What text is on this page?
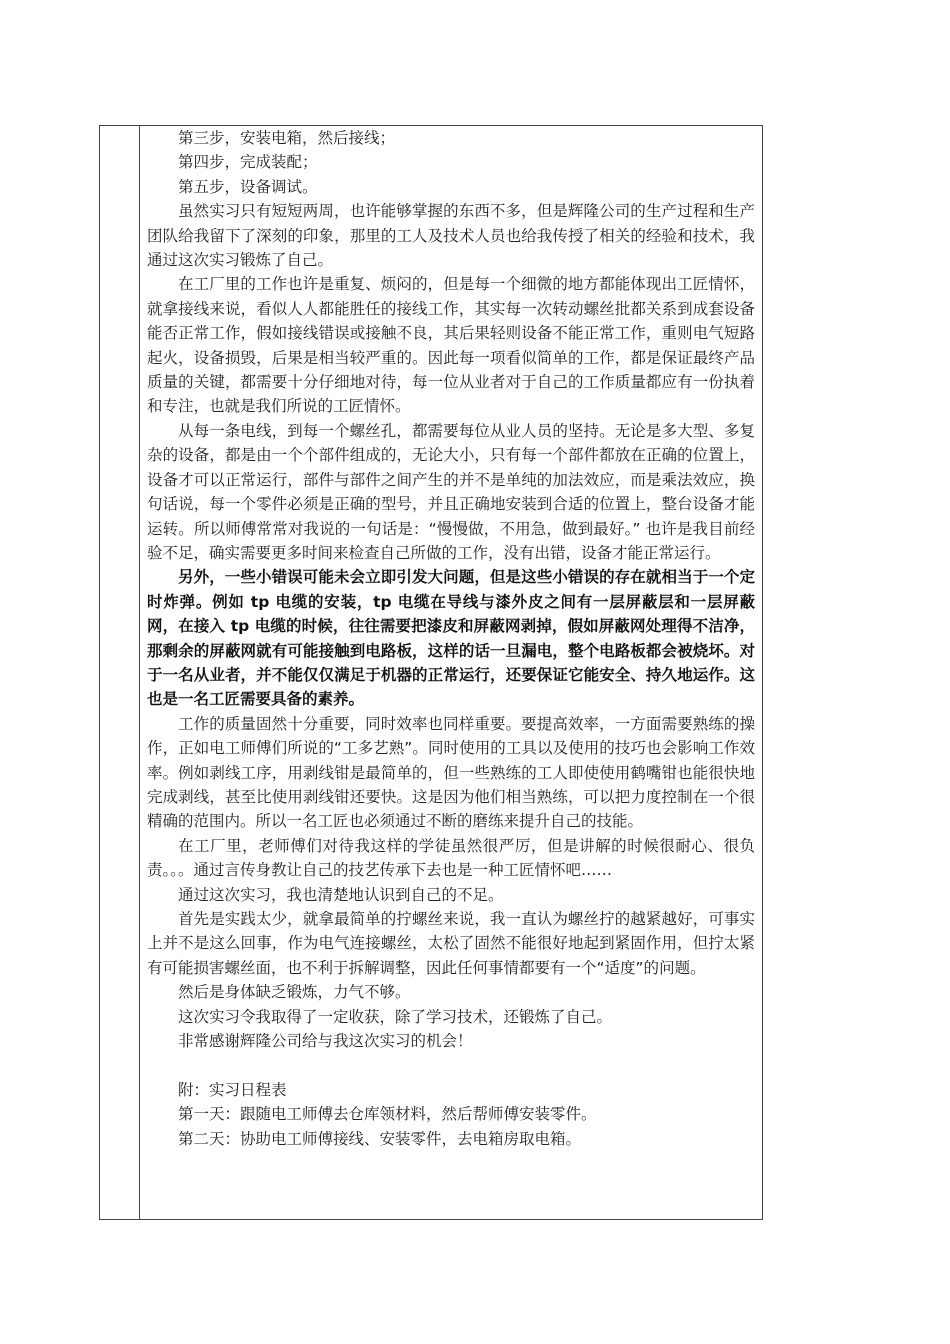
第三步，安装电箱，然后接线；

第四步，完成装配；

第五步，设备调试。

虽然实习只有短短两周，也许能够掌握的东西不多，但是辉隆公司的生产过程和生产团队给我留下了深刻的印象，那里的工人及技术人员也给我传授了相关的经验和技术，我通过这次实习锻炼了自己。

在工厂里的工作也许是重复、烦闷的，但是每一个细微的地方都能体现出工匠情怀，就拿接线来说，看似人人都能胜任的接线工作，其实每一次转动螺丝批都关系到成套设备能否正常工作，假如接线错误或接触不良，其后果轻则设备不能正常工作，重则电气短路起火，设备损毁，后果是相当较严重的。因此每一项看似简单的工作，都是保证最终产品质量的关键，都需要十分仔细地对待，每一位从业者对于自己的工作质量都应有一份执着和专注，也就是我们所说的工匠情怀。

从每一条电线，到每一个螺丝孔，都需要每位从业人员的坚持。无论是多大型、多复杂的设备，都是由一个个部件组成的，无论大小，只有每一个部件都放在正确的位置上，设备才可以正常运行，部件与部件之间产生的并不是单纯的加法效应，而是乘法效应，换句话说，每一个零件必须是正确的型号，并且正确地安装到合适的位置上，整台设备才能运转。所以师傅常常对我说的一句话是：“慢慢做，不用急，做到最好。” 也许是我目前经验不足，确实需要更多时间来检查自己所做的工作，没有出错，设备才能正常运行。

另外，一些小错误可能未会立即引发大问题，但是这些小错误的存在就相当于一个定时炸弹。例如 tp 电缆的安装，tp 电缆在导线与漆外皮之间有一层屏蔽层和一层屏蔽网，在接入 tp 电缆的时候，往往需要把漆皮和屏蔽网剥掉，假如屏蔽网处理得不洁净，那剩余的屏蔽网就有可能接触到电路板，这样的话一旦漏电，整个电路板都会被烧坏。对于一名从业者，并不能仅仅满足于机器的正常运行，还要保证它能安全、持久地运作。这也是一名工匠需要具备的素养。

工作的质量固然十分重要，同时效率也同样重要。要提高效率，一方面需要熟练的操作，正如电工师傅们所说的“工多艺熟”。同时使用的工具以及使用的技巧也会影响工作效率。例如剥线工序，用剥线钳是最简单的，但一些熟练的工人即使使用鹤嘴钳也能很快地完成剥线，甚至比使用剥线钳还要快。这是因为他们相当熟练，可以把力度控制在一个很精确的范围内。所以一名工匠也必须通过不断的磨练来提升自己的技能。

在工厂里，老师傅们对待我这样的学徒虽然很严厉，但是讲解的时候很耐心、很负责。。。通过言传身教让自己的技艺传承下去也是一种工匠情怀吧……

通过这次实习，我也清楚地认识到自己的不足。

首先是实践太少，就拿最简单的拧螺丝来说，我一直认为螺丝拧的越紧越好，可事实上并不是这么回事，作为电气连接螺丝，太松了固然不能很好地起到紧固作用，但拧太紧有可能损害螺丝面，也不利于拆解调整，因此任何事情都要有一个“适度”的问题。

然后是身体缺乏锻炼，力气不够。

这次实习令我取得了一定收获，除了学习技术，还锻炼了自己。

非常感谢辉隆公司给与我这次实习的机会！

附：实习日程表

第一天：跟随电工师傅去仓库领材料，然后帮师傅安装零件。

第二天：协助电工师傅接线、安装零件，去电箱房取电箱。
